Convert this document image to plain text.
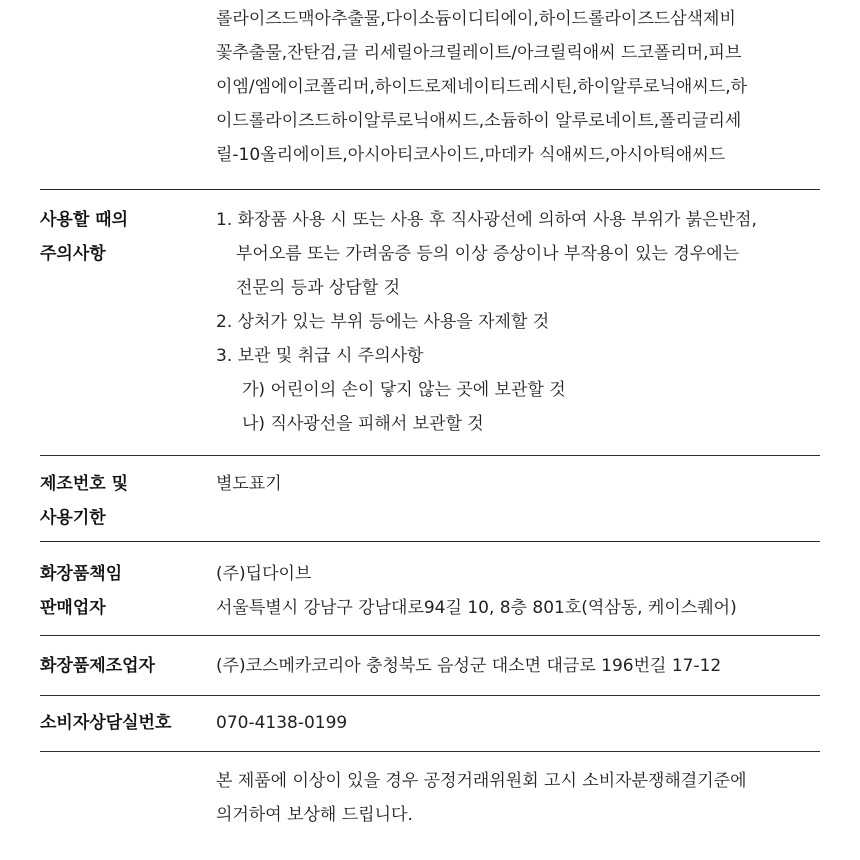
롤라이즈드맥아추출물,다이소듐이디티에이,하이드롤라이즈드삼색제비
꽃추출물,잔탄검,글 리세릴아크릴레이트/아크릴릭애씨 드코폴리머,피브
이엠/엠에이코폴리머,하이드로제네이티드레시틴,하이알루로닉애씨드,하
이드롤라이즈드하이알루로닉애씨드,소듐하이 알루로네이트,폴리글리세
릴-10올리에이트,아시아티코사이드,마데카 식애씨드,아시아틱애씨드
사용할 때의
주의사항
1. 화장품 사용 시 또는 사용 후 직사광선에 의하여 사용 부위가 붉은반점,
부어오름 또는 가려움증 등의 이상 증상이나 부작용이 있는 경우에는
전문의 등과 상담할 것
2. 상처가 있는 부위 등에는 사용을 자제할 것
3. 보관 및 취급 시 주의사항
가) 어린이의 손이 닿지 않는 곳에 보관할 것
나) 직사광선을 피해서 보관할 것
제조번호 및
사용기한
별도표기
화장품책임
판매업자
(주)딥다이브
서울특별시 강남구 강남대로94길 10, 8층 801호(역삼동, 케이스퀘어)
화장품제조업자	(주)코스메카코리아 충청북도 음성군 대소면 대금로 196번길 17-12
소비자상담실번호	070-4138-0199
본 제품에 이상이 있을 경우 공정거래위원회 고시 소비자분쟁해결기준에
의거하여 보상해 드립니다.
